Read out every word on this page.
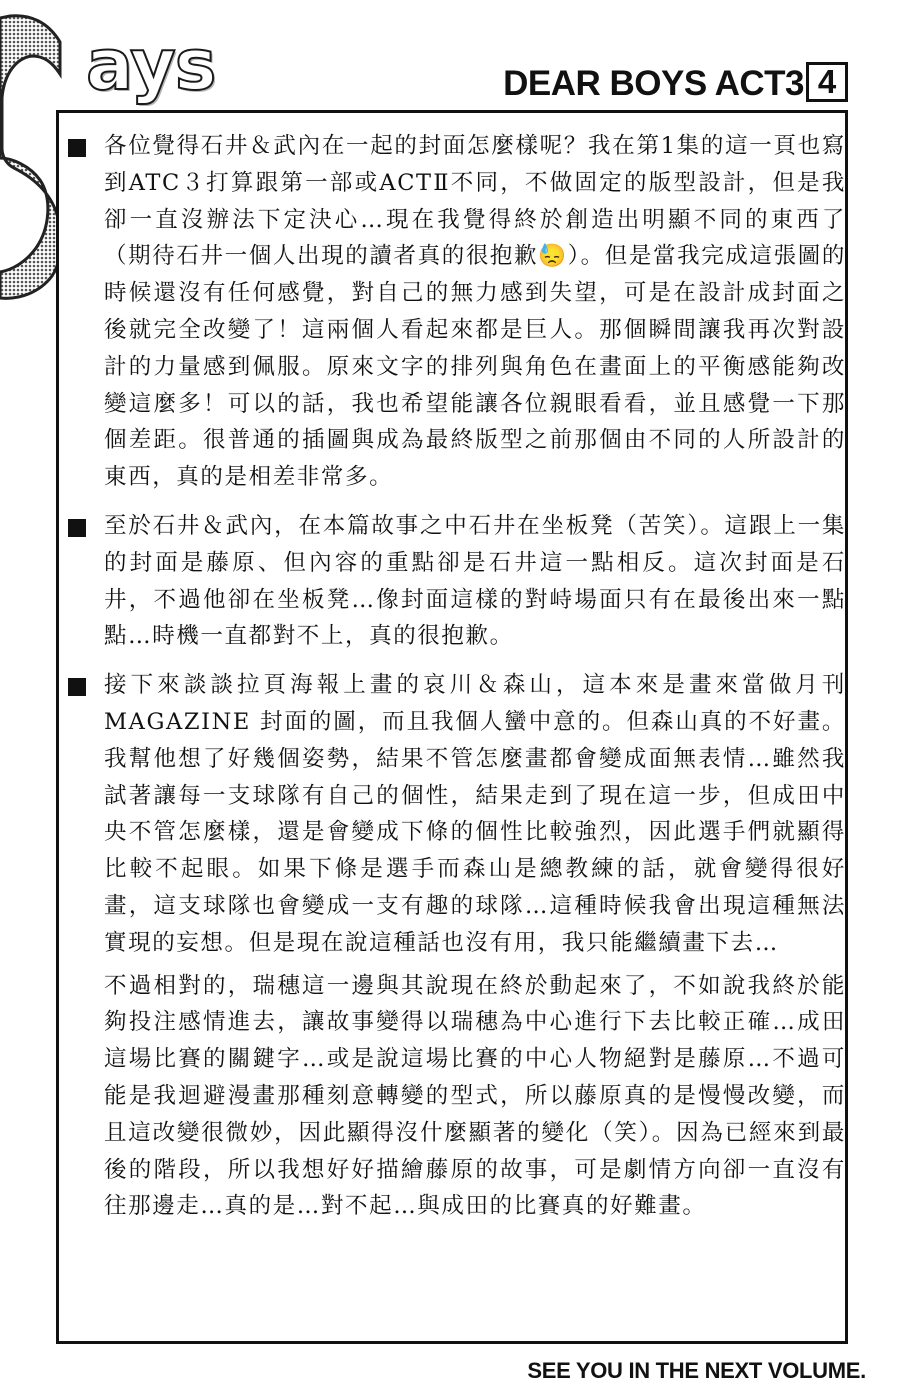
ays	DEAR BOYS ACT3 4
各位覺得石井＆武內在一起的封面怎麼樣呢？我在第1集的這一頁也寫到ATC３打算跟第一部或ACTⅡ不同，不做固定的版型設計，但是我卻一直沒辦法下定決心…現在我覺得終於創造出明顯不同的東西了（期待石井一個人出現的讀者真的很抱歉😓）。但是當我完成這張圖的時候還沒有任何感覺，對自己的無力感到失望，可是在設計成封面之後就完全改變了！這兩個人看起來都是巨人。那個瞬間讓我再次對設計的力量感到佩服。原來文字的排列與角色在畫面上的平衡感能夠改變這麼多！可以的話，我也希望能讓各位親眼看看，並且感覺一下那個差距。很普通的插圖與成為最終版型之前那個由不同的人所設計的東西，真的是相差非常多。
至於石井＆武內，在本篇故事之中石井在坐板凳（苦笑）。這跟上一集的封面是藤原、但內容的重點卻是石井這一點相反。這次封面是石井，不過他卻在坐板凳…像封面這樣的對峙場面只有在最後出來一點點…時機一直都對不上，真的很抱歉。
接下來談談拉頁海報上畫的哀川＆森山，這本來是畫來當做月刊MAGAZINE 封面的圖，而且我個人蠻中意的。但森山真的不好畫。我幫他想了好幾個姿勢，結果不管怎麼畫都會變成面無表情…雖然我試著讓每一支球隊有自己的個性，結果走到了現在這一步，但成田中央不管怎麼樣，還是會變成下條的個性比較強烈，因此選手們就顯得比較不起眼。如果下條是選手而森山是總教練的話，就會變得很好畫，這支球隊也會變成一支有趣的球隊…這種時候我會出現這種無法實現的妄想。但是現在說這種話也沒有用，我只能繼續畫下去…
不過相對的，瑞穗這一邊與其說現在終於動起來了，不如說我終於能夠投注感情進去，讓故事變得以瑞穗為中心進行下去比較正確…成田這場比賽的關鍵字…或是說這場比賽的中心人物絕對是藤原…不過可能是我迴避漫畫那種刻意轉變的型式，所以藤原真的是慢慢改變，而且這改變很微妙，因此顯得沒什麼顯著的變化（笑）。因為已經來到最後的階段，所以我想好好描繪藤原的故事，可是劇情方向卻一直沒有往那邊走…真的是…對不起…與成田的比賽真的好難畫。
SEE YOU IN THE NEXT VOLUME.
